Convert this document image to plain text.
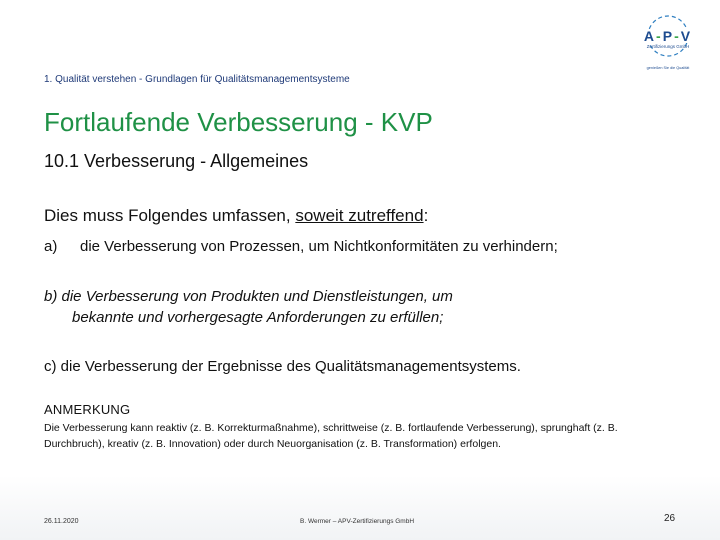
A-P-V
Zertifizierungs GmbH
genießen Sie die Qualität
1. Qualität verstehen - Grundlagen für Qualitätsmanagementsysteme
Fortlaufende Verbesserung - KVP
10.1 Verbesserung - Allgemeines
Dies muss Folgendes umfassen, soweit zutreffend:
a) die Verbesserung von Prozessen, um Nichtkonformitäten zu verhindern;
b) die Verbesserung von Produkten und Dienstleistungen, um
bekannte und vorhergesagte Anforderungen zu erfüllen;
c) die Verbesserung der Ergebnisse des Qualitätsmanagementsystems.
ANMERKUNG
Die Verbesserung kann reaktiv (z. B. Korrekturmaßnahme), schrittweise (z. B. fortlaufende Verbesserung), sprunghaft (z. B. Durchbruch), kreativ (z. B. Innovation) oder durch Neuorganisation (z. B. Transformation) erfolgen.
26.11.2020	B. Wermer – APV-Zertifizierungs GmbH	26
